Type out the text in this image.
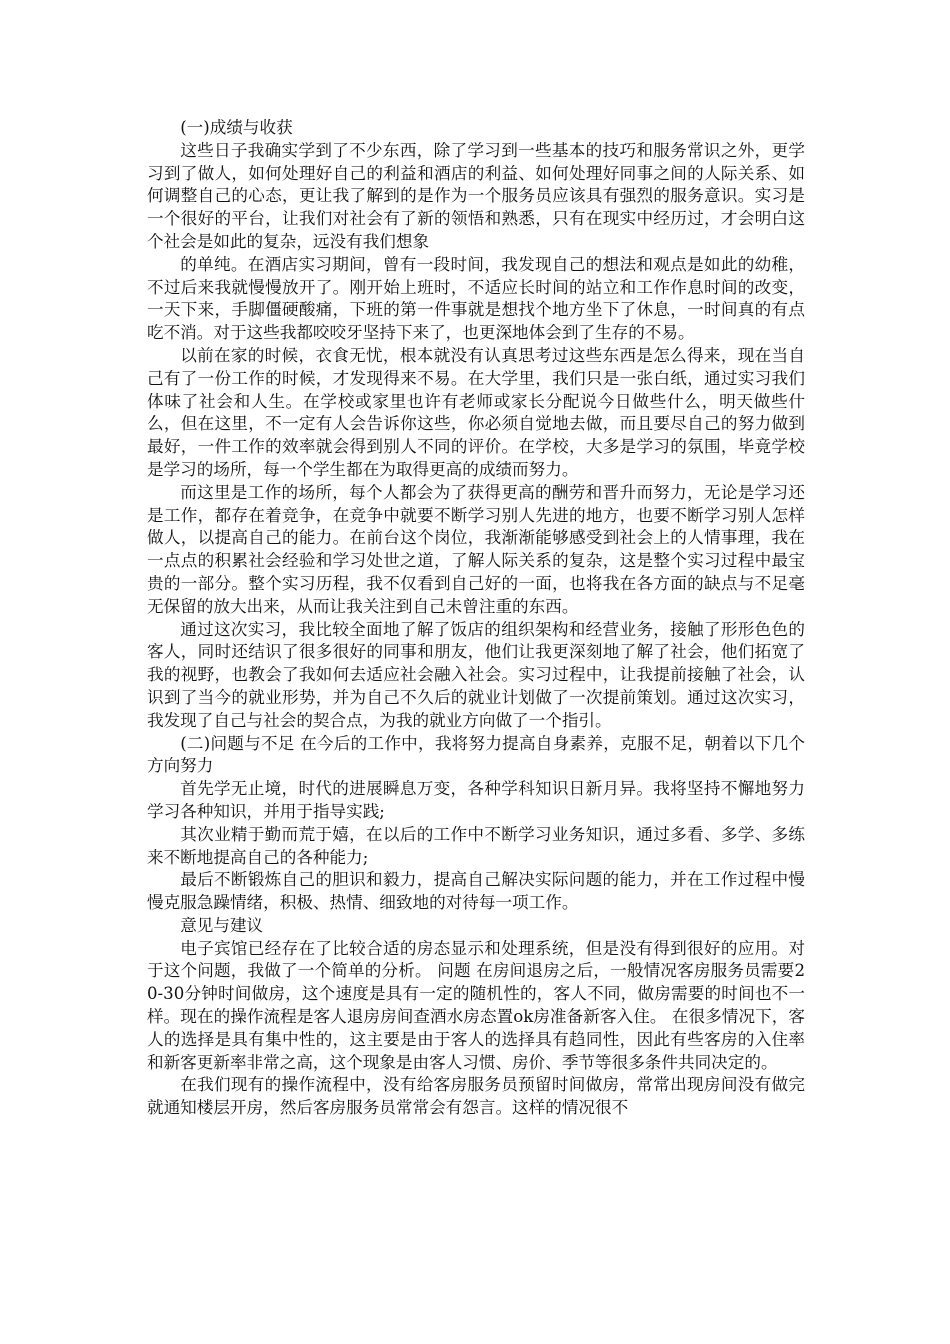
(一)成绩与收获

这些日子我确实学到了不少东西，除了学习到一些基本的技巧和服务常识之外，更学习到了做人，如何处理好自己的利益和酒店的利益、如何处理好同事之间的人际关系、如何调整自己的心态，更让我了解到的是作为一个服务员应该具有强烈的服务意识。实习是一个很好的平台，让我们对社会有了新的领悟和熟悉，只有在现实中经历过，才会明白这个社会是如此的复杂，远没有我们想象

的单纯。在酒店实习期间，曾有一段时间，我发现自己的想法和观点是如此的幼稚，不过后来我就慢慢放开了。刚开始上班时，不适应长时间的站立和工作作息时间的改变，一天下来，手脚僵硬酸痛，下班的第一件事就是想找个地方坐下了休息，一时间真的有点吃不消。对于这些我都咬咬牙坚持下来了，也更深地体会到了生存的不易。

以前在家的时候，衣食无忧，根本就没有认真思考过这些东西是怎么得来，现在当自己有了一份工作的时候，才发现得来不易。在大学里，我们只是一张白纸，通过实习我们体味了社会和人生。在学校或家里也许有老师或家长分配说今日做些什么，明天做些什么，但在这里，不一定有人会告诉你这些，你必须自觉地去做，而且要尽自己的努力做到最好，一件工作的效率就会得到别人不同的评价。在学校，大多是学习的氛围，毕竟学校是学习的场所，每一个学生都在为取得更高的成绩而努力。

而这里是工作的场所，每个人都会为了获得更高的酬劳和晋升而努力，无论是学习还是工作，都存在着竞争，在竞争中就要不断学习别人先进的地方，也要不断学习别人怎样做人，以提高自己的能力。在前台这个岗位，我渐渐能够感受到社会上的人情事理，我在一点点的积累社会经验和学习处世之道，了解人际关系的复杂，这是整个实习过程中最宝贵的一部分。整个实习历程，我不仅看到自己好的一面，也将我在各方面的缺点与不足毫无保留的放大出来，从而让我关注到自己未曾注重的东西。

通过这次实习，我比较全面地了解了饭店的组织架构和经营业务，接触了形形色色的客人，同时还结识了很多很好的同事和朋友，他们让我更深刻地了解了社会，他们拓宽了我的视野，也教会了我如何去适应社会融入社会。实习过程中，让我提前接触了社会，认识到了当今的就业形势，并为自己不久后的就业计划做了一次提前策划。通过这次实习，我发现了自己与社会的契合点，为我的就业方向做了一个指引。

(二)问题与不足 在今后的工作中，我将努力提高自身素养，克服不足，朝着以下几个方向努力

首先学无止境，时代的进展瞬息万变，各种学科知识日新月异。我将坚持不懈地努力学习各种知识，并用于指导实践;

其次业精于勤而荒于嬉，在以后的工作中不断学习业务知识，通过多看、多学、多练来不断地提高自己的各种能力;

最后不断锻炼自己的胆识和毅力，提高自己解决实际问题的能力，并在工作过程中慢慢克服急躁情绪，积极、热情、细致地的对待每一项工作。

意见与建议

电子宾馆已经存在了比较合适的房态显示和处理系统，但是没有得到很好的应用。对于这个问题，我做了一个简单的分析。 问题 在房间退房之后，一般情况客房服务员需要20-30分钟时间做房，这个速度是具有一定的随机性的，客人不同，做房需要的时间也不一样。现在的操作流程是客人退房房间查酒水房态置ok房准备新客入住。 在很多情况下，客人的选择是具有集中性的，这主要是由于客人的选择具有趋同性，因此有些客房的入住率和新客更新率非常之高，这个现象是由客人习惯、房价、季节等很多条件共同决定的。

在我们现有的操作流程中，没有给客房服务员预留时间做房，常常出现房间没有做完就通知楼层开房，然后客房服务员常常会有怨言。这样的情况很不
